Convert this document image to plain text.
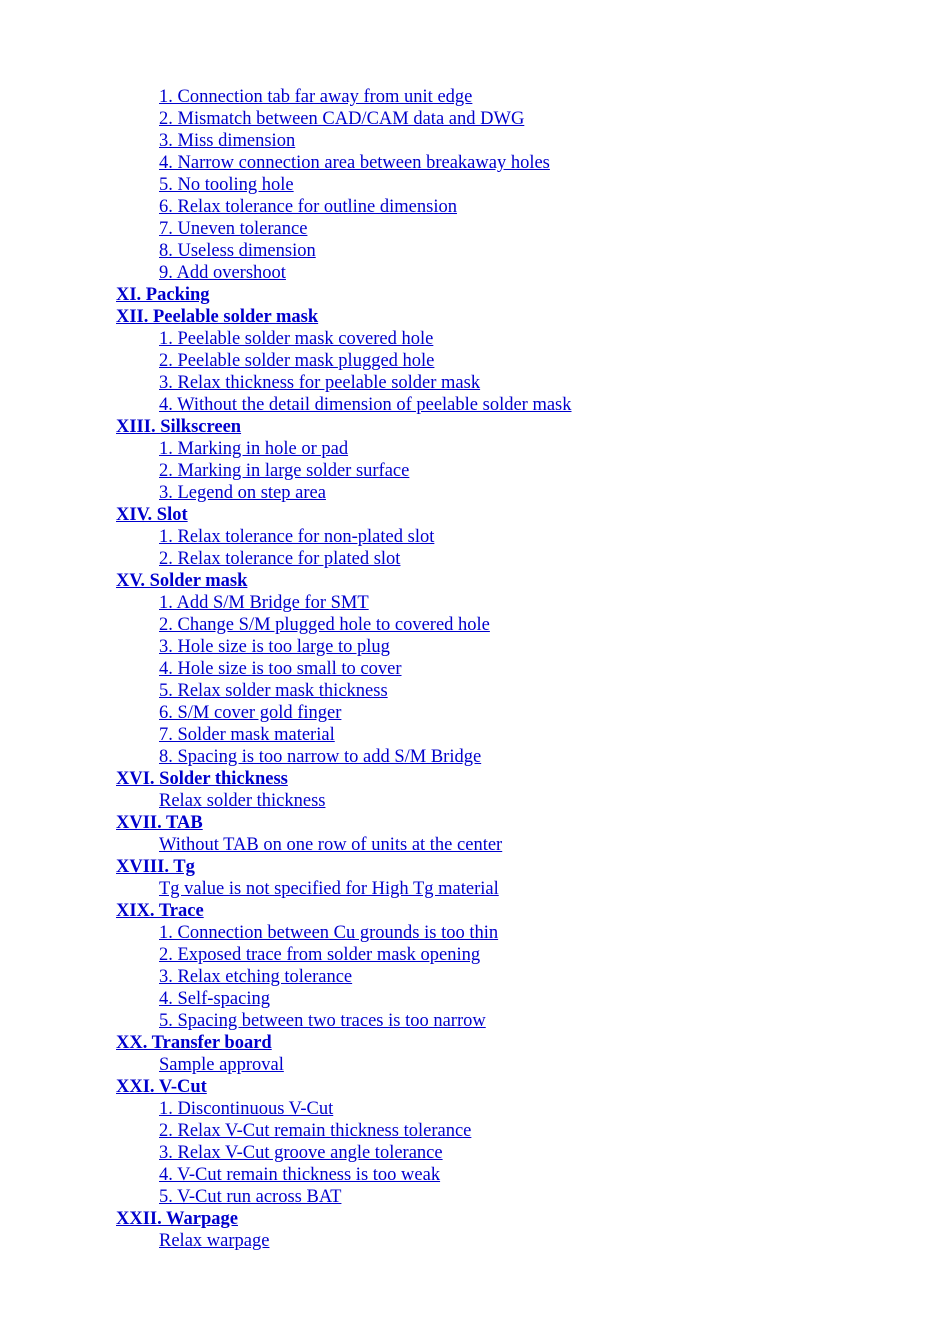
1. Connection tab far away from unit edge
2. Mismatch between CAD/CAM data and DWG
3. Miss dimension
4. Narrow connection area between breakaway holes
5. No tooling hole
6. Relax tolerance for outline dimension
7. Uneven tolerance
8. Useless dimension
9. Add overshoot
XI. Packing
XII. Peelable solder mask
1. Peelable solder mask covered hole
2. Peelable solder mask plugged hole
3. Relax thickness for peelable solder mask
4. Without the detail dimension of peelable solder mask
XIII. Silkscreen
1. Marking in hole or pad
2. Marking in large solder surface
3. Legend on step area
XIV. Slot
1. Relax tolerance for non-plated slot
2. Relax tolerance for plated slot
XV. Solder mask
1. Add S/M Bridge for SMT
2. Change S/M plugged hole to covered hole
3. Hole size is too large to plug
4. Hole size is too small to cover
5. Relax solder mask thickness
6. S/M cover gold finger
7. Solder mask material
8. Spacing is too narrow to add S/M Bridge
XVI. Solder thickness
Relax solder thickness
XVII. TAB
Without TAB on one row of units at the center
XVIII. Tg
Tg value is not specified for High Tg material
XIX. Trace
1. Connection between Cu grounds is too thin
2. Exposed trace from solder mask opening
3. Relax etching tolerance
4. Self-spacing
5. Spacing between two traces is too narrow
XX. Transfer board
Sample approval
XXI. V-Cut
1. Discontinuous V-Cut
2. Relax V-Cut remain thickness tolerance
3. Relax V-Cut groove angle tolerance
4. V-Cut remain thickness is too weak
5. V-Cut run across BAT
XXII. Warpage
Relax warpage
